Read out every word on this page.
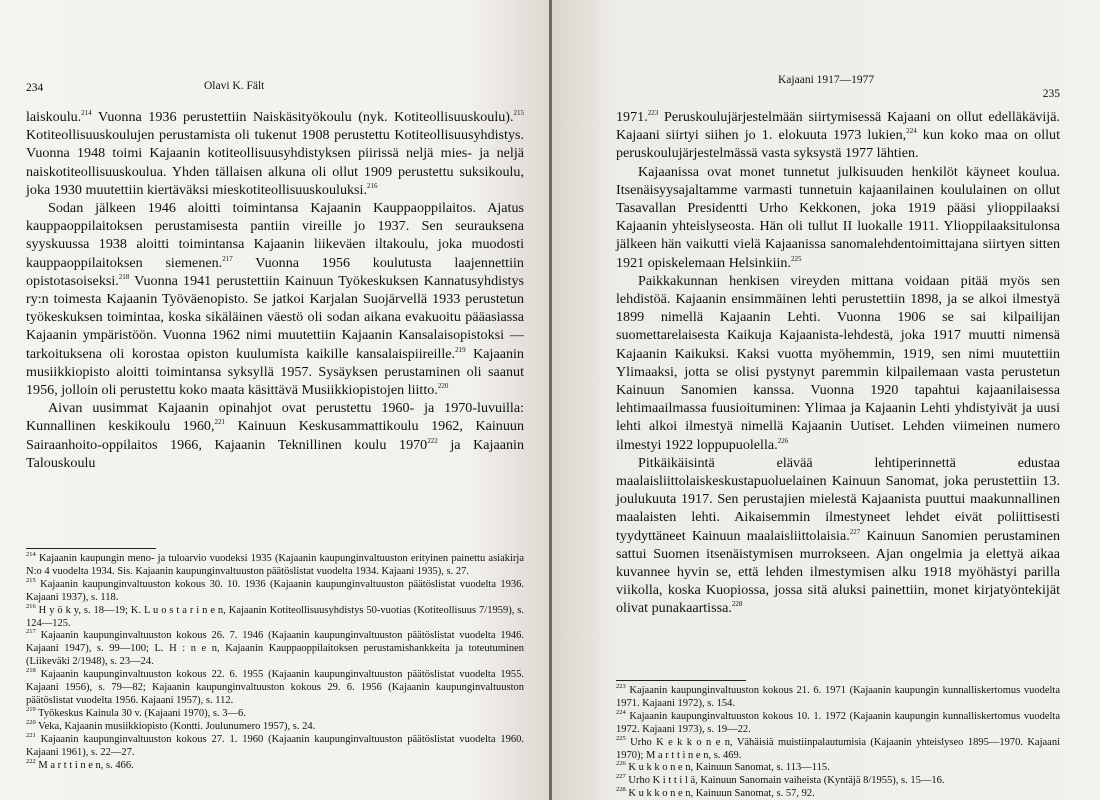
234	Olavi K. Fält

laiskoulu.$^{214}$ Vuonna 1936 perustettiin Naiskäsityökoulu (nyk. Kotiteollisuuskoulu).$^{215}$ Kotiteollisuuskoulujen perustamista oli tukenut 1908 perustettu Kotiteollisuusyhdistys. Vuonna 1948 toimi Kajaanin kotiteollisuusyhdistyksen piirissä neljä mies- ja neljä naiskotiteollisuuskoulua. Yhden tällaisen alkuna oli ollut 1909 perustettu suksikoulu, joka 1930 muutettiin kiertäväksi mieskotiteollisuuskouluksi.$^{216}$

Sodan jälkeen 1946 aloitti toimintansa Kajaanin Kauppaoppilaitos. Ajatus kauppaoppilaitoksen perustamisesta pantiin vireille jo 1937. Sen seurauksena syyskuussa 1938 aloitti toimintansa Kajaanin liikeväen iltakoulu, joka muodosti kauppaoppilaitoksen siemenen.$^{217}$ Vuonna 1956 koulutusta laajennettiin opistotasoiseksi.$^{218}$ Vuonna 1941 perustettiin Kainuun Työkeskuksen Kannatusyhdistys ry:n toimesta Kajaanin Työväenopisto. Se jatkoi Karjalan Suojärvellä 1933 perustetun työkeskuksen toimintaa, koska sikäläinen väestö oli sodan aikana evakuoitu pääasiassa Kajaanin ympäristöön. Vuonna 1962 nimi muutettiin Kajaanin Kansalaisopistoksi — tarkoituksena oli korostaa opiston kuulumista kaikille kansalaispiireille.$^{219}$ Kajaanin musiikkiopisto aloitti toimintansa syksyllä 1957. Sysäyksen perustaminen oli saanut 1956, jolloin oli perustettu koko maata käsittävä Musiikkiopistojen liitto.$^{220}$

Aivan uusimmat Kajaanin opinahjot ovat perustettu 1960- ja 1970-luvuilla: Kunnallinen keskikoulu 1960,$^{221}$ Kainuun Keskusammattikoulu 1962, Kainuun Sairaanhoito-oppilaitos 1966, Kajaanin Teknillinen koulu 1970$^{222}$ ja Kajaanin Talouskoulu

$^{214}$ Kajaanin kaupungin meno- ja tuloarvio vuodeksi 1935 (Kajaanin kaupunginvaltuuston erityinen painettu asiakirja N:o 4 vuodelta 1934. Sis. Kajaanin kaupunginvaltuuston päätöslistat vuodelta 1934. Kajaani 1935), s. 27.

$^{215}$ Kajaanin kaupunginvaltuuston kokous 30. 10. 1936 (Kajaanin kaupunginvaltuuston päätöslistat vuodelta 1936. Kajaani 1937), s. 118.

$^{216}$ H y ö k y, s. 18—19; K. L u o s t a r i n e n, Kajaanin Kotiteollisuusyhdistys 50-vuotias (Kotiteollisuus 7/1959), s. 124—125.

$^{217}$ Kajaanin kaupunginvaltuuston kokous 26. 7. 1946 (Kajaanin kaupunginvaltuuston päätöslistat vuodelta 1946. Kajaani 1947), s. 99—100; L. H : n e n, Kajaanin Kauppaoppilaitoksen perustamishankkeita ja toteutuminen (Liikeväki 2/1948), s. 23—24.

$^{218}$ Kajaanin kaupunginvaltuuston kokous 22. 6. 1955 (Kajaanin kaupunginvaltuuston päätöslistat vuodelta 1955. Kajaani 1956), s. 79—82; Kajaanin kaupunginvaltuuston kokous 29. 6. 1956 (Kajaanin kaupunginvaltuuston päätöslistat vuodelta 1956. Kajaani 1957), s. 112.

$^{219}$ Työkeskus Kainula 30 v. (Kajaani 1970), s. 3—6.

$^{220}$ Veka, Kajaanin musiikkiopisto (Kontti. Joulunumero 1957), s. 24.

$^{221}$ Kajaanin kaupunginvaltuuston kokous 27. 1. 1960 (Kajaanin kaupunginvaltuuston päätöslistat vuodelta 1960. Kajaani 1961), s. 22—27.

$^{222}$ M a r t t i n e n, s. 466.

Kajaani 1917—1977
235

1971.$^{223}$ Peruskoulujärjestelmään siirtymisessä Kajaani on ollut edelläkävijä. Kajaani siirtyi siihen jo 1. elokuuta 1973 lukien,$^{224}$ kun koko maa on ollut peruskoulujärjestelmässä vasta syksystä 1977 lähtien.

Kajaanissa ovat monet tunnetut julkisuuden henkilöt käyneet koulua. Itsenäisyysajaltamme varmasti tunnetuin kajaanilainen koululainen on ollut Tasavallan Presidentti Urho Kekkonen, joka 1919 pääsi ylioppilaaksi Kajaanin yhteislyseosta. Hän oli tullut II luokalle 1911. Ylioppilaaksitulonsa jälkeen hän vaikutti vielä Kajaanissa sanomalehdentoimittajana siirtyen sitten 1921 opiskelemaan Helsinkiin.$^{225}$

Paikkakunnan henkisen vireyden mittana voidaan pitää myös sen lehdistöä. Kajaanin ensimmäinen lehti perustettiin 1898, ja se alkoi ilmestyä 1899 nimellä Kajaanin Lehti. Vuonna 1906 se sai kilpailijan suomettarelaisesta Kaikuja Kajaanista-lehdestä, joka 1917 muutti nimensä Kajaanin Kaikuksi. Kaksi vuotta myöhemmin, 1919, sen nimi muutettiin Ylimaaksi, jotta se olisi pystynyt paremmin kilpailemaan vasta perustetun Kainuun Sanomien kanssa. Vuonna 1920 tapahtui kajaanilaisessa lehtimaailmassa fuusioituminen: Ylimaa ja Kajaanin Lehti yhdistyivät ja uusi lehti alkoi ilmestyä nimellä Kajaanin Uutiset. Lehden viimeinen numero ilmestyi 1922 loppupuolella.$^{226}$

Pitkäikäisintä elävää lehtiperinnettä edustaa maalaisliittolaiskeskustapuoluelainen Kainuun Sanomat, joka perustettiin 13. joulukuuta 1917. Sen perustajien mielestä Kajaanista puuttui maakunnallinen maalaisten lehti. Aikaisemmin ilmestyneet lehdet eivät poliittisesti tyydyttäneet Kainuun maalaisliittolaisia.$^{227}$ Kainuun Sanomien perustaminen sattui Suomen itsenäistymisen murrokseen. Ajan ongelmia ja elettyä aikaa kuvannee hyvin se, että lehden ilmestymisen alku 1918 myöhästyi parilla viikolla, koska Kuopiossa, jossa sitä aluksi painettiin, monet kirjatyöntekijät olivat punakaartissa.$^{228}$

$^{223}$ Kajaanin kaupunginvaltuuston kokous 21. 6. 1971 (Kajaanin kaupungin kunnalliskertomus vuodelta 1971. Kajaani 1972), s. 154.

$^{224}$ Kajaanin kaupunginvaltuuston kokous 10. 1. 1972 (Kajaanin kaupungin kunnalliskertomus vuodelta 1972. Kajaani 1973), s. 19—22.

$^{225}$ Urho K e k k o n e n, Vähäisiä muistiinpalautumisia (Kajaanin yhteislyseo 1895—1970. Kajaani 1970); M a r t t i n e n, s. 469.

$^{226}$ K u k k o n e n, Kainuun Sanomat, s. 113—115.

$^{227}$ Urho K i t t i l ä, Kainuun Sanomain vaiheista (Kyntäjä 8/1955), s. 15—16.

$^{228}$ K u k k o n e n, Kainuun Sanomat, s. 57, 92.
